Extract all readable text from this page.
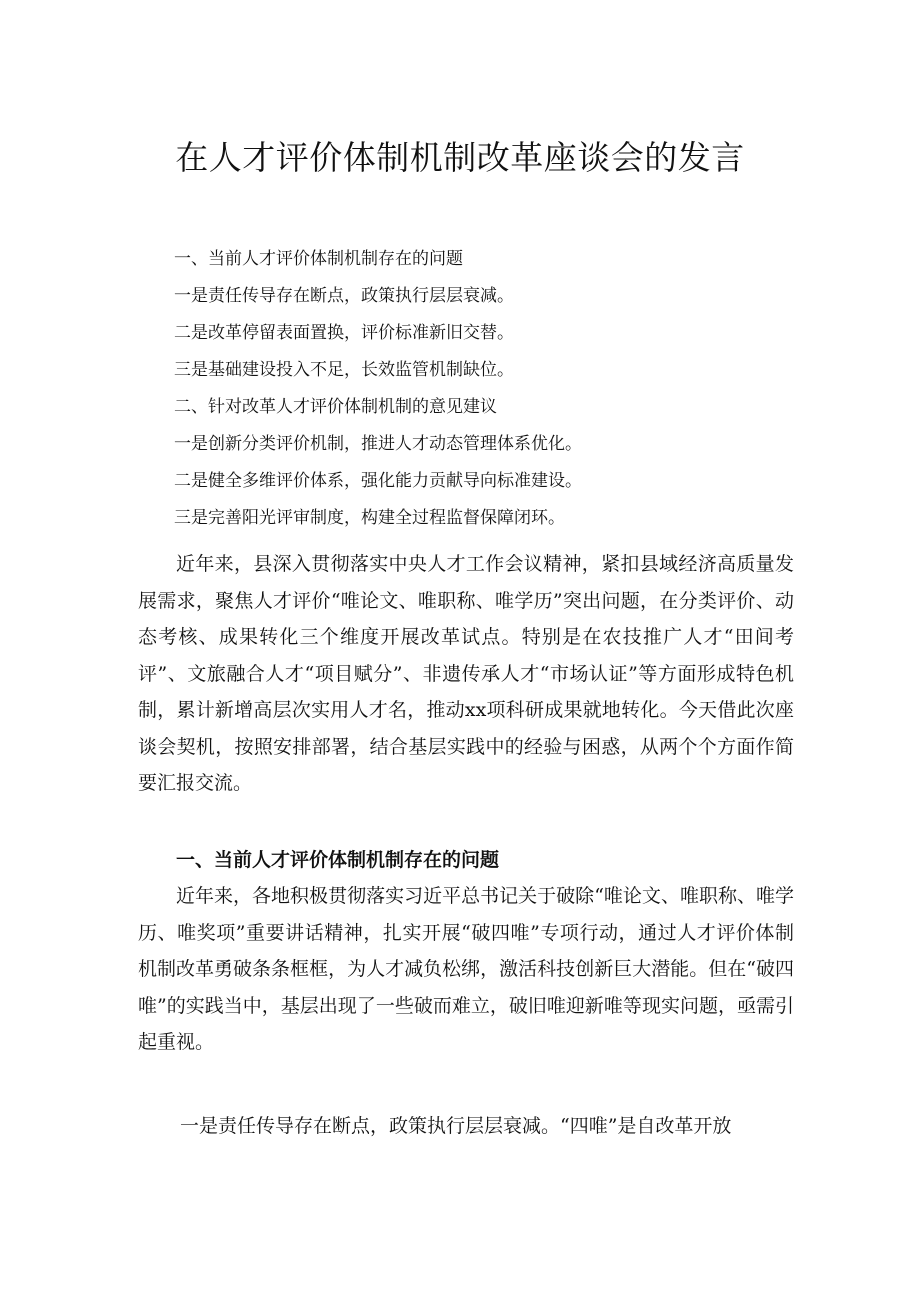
在人才评价体制机制改革座谈会的发言
一、当前人才评价体制机制存在的问题
一是责任传导存在断点，政策执行层层衰减。
二是改革停留表面置换，评价标准新旧交替。
三是基础建设投入不足，长效监管机制缺位。
二、针对改革人才评价体制机制的意见建议
一是创新分类评价机制，推进人才动态管理体系优化。
二是健全多维评价体系，强化能力贡献导向标准建设。
三是完善阳光评审制度，构建全过程监督保障闭环。

近年来，县深入贯彻落实中央人才工作会议精神，紧扣县域经济高质量发展需求，聚焦人才评价“唯论文、唯职称、唯学历”突出问题，在分类评价、动态考核、成果转化三个维度开展改革试点。特别是在农技推广人才“田间考评”、文旅融合人才“项目赋分”、非遗传承人才“市场认证”等方面形成特色机制，累计新增高层次实用人才名，推动xx项科研成果就地转化。今天借此次座谈会契机，按照安排部署，结合基层实践中的经验与困惑，从两个个方面作简要汇报交流。

一、当前人才评价体制机制存在的问题

近年来，各地积极贯彻落实习近平总书记关于破除“唯论文、唯职称、唯学历、唯奖项”重要讲话精神，扎实开展“破四唯”专项行动，通过人才评价体制机制改革勇破条条框框，为人才减负松绑，激活科技创新巨大潜能。但在“破四唯”的实践当中，基层出现了一些破而难立，破旧唯迎新唯等现实问题，亟需引起重视。

一是责任传导存在断点，政策执行层层衰减。“四唯”是自改革开放
